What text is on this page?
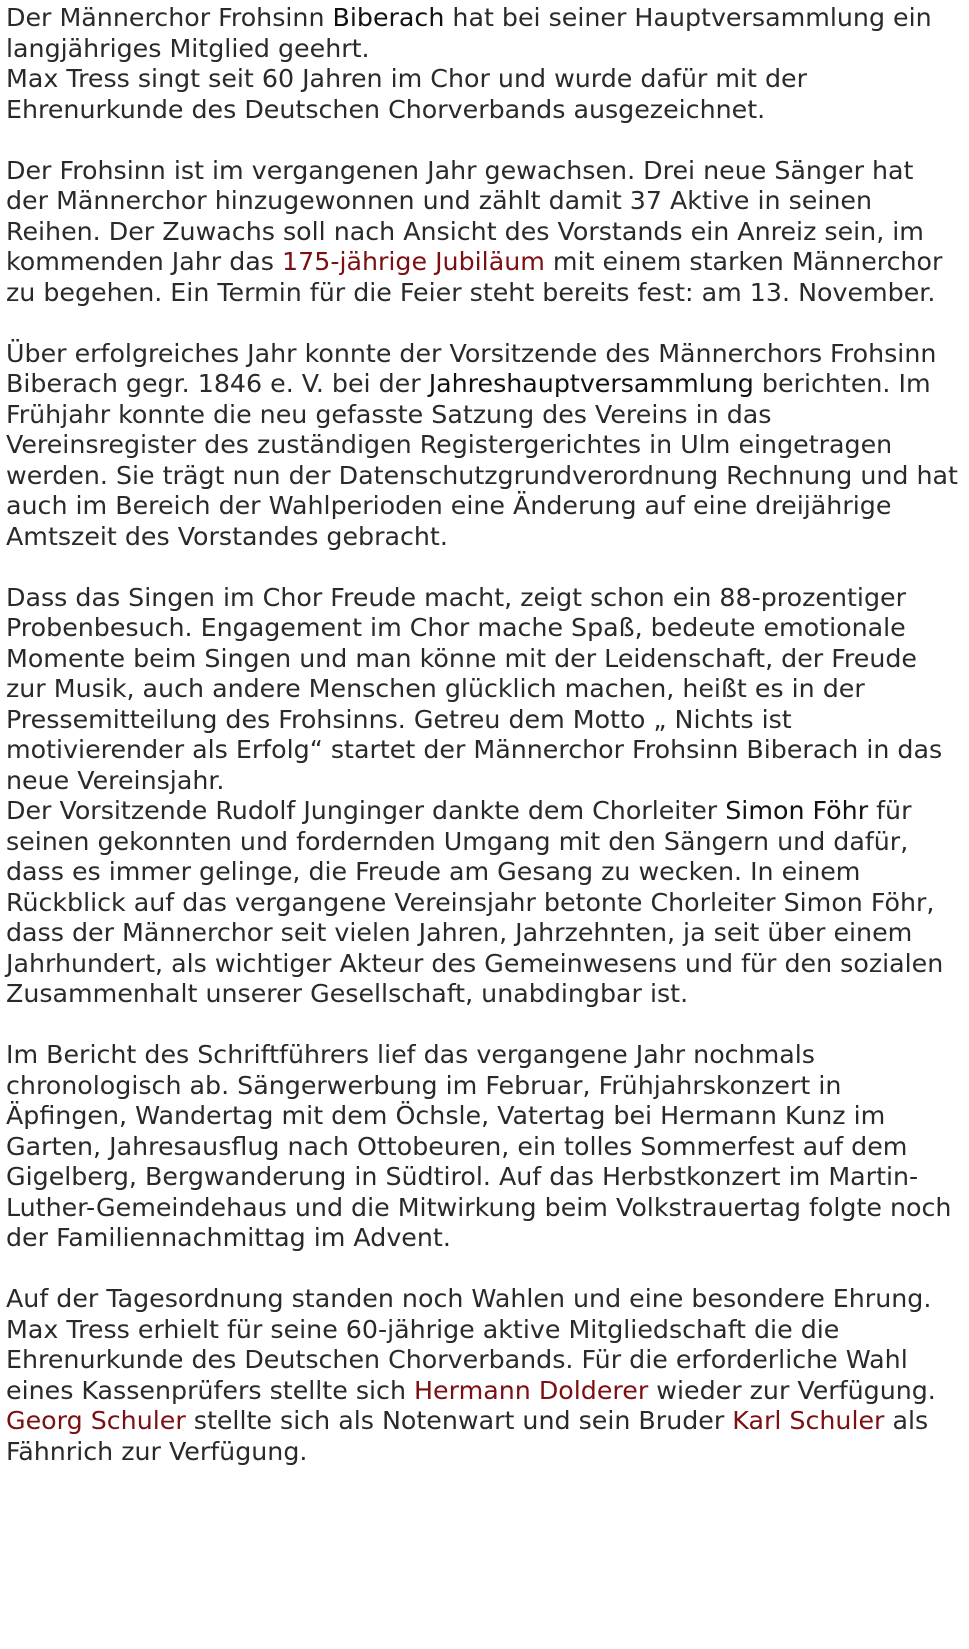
Der Männerchor Frohsinn Biberach hat bei seiner Hauptversammlung ein langjähriges Mitglied geehrt.
Max Tress singt seit 60 Jahren im Chor und wurde dafür mit der Ehrenurkunde des Deutschen Chorverbands ausgezeichnet.

Der Frohsinn ist im vergangenen Jahr gewachsen. Drei neue Sänger hat der Männerchor hinzugewonnen und zählt damit 37 Aktive in seinen Reihen. Der Zuwachs soll nach Ansicht des Vorstands ein Anreiz sein, im kommenden Jahr das 175-jährige Jubiläum mit einem starken Männerchor zu begehen. Ein Termin für die Feier steht bereits fest: am 13. November.

Über erfolgreiches Jahr konnte der Vorsitzende des Männerchors Frohsinn Biberach gegr. 1846 e. V. bei der Jahreshauptversammlung berichten. Im Frühjahr konnte die neu gefasste Satzung des Vereins in das Vereinsregister des zuständigen Registergerichtes in Ulm eingetragen werden. Sie trägt nun der Datenschutzgrundverordnung Rechnung und hat auch im Bereich der Wahlperioden eine Änderung auf eine dreijährige Amtszeit des Vorstandes gebracht.

Dass das Singen im Chor Freude macht, zeigt schon ein 88-prozentiger Probenbesuch. Engagement im Chor mache Spaß, bedeute emotionale Momente beim Singen und man könne mit der Leidenschaft, der Freude zur Musik, auch andere Menschen glücklich machen, heißt es in der Pressemitteilung des Frohsinns. Getreu dem Motto „ Nichts ist motivierender als Erfolg“ startet der Männerchor Frohsinn Biberach in das neue Vereinsjahr.

Der Vorsitzende Rudolf Junginger dankte dem Chorleiter Simon Föhr für seinen gekonnten und fordernden Umgang mit den Sängern und dafür, dass es immer gelinge, die Freude am Gesang zu wecken. In einem Rückblick auf das vergangene Vereinsjahr betonte Chorleiter Simon Föhr, dass der Männerchor seit vielen Jahren, Jahrzehnten, ja seit über einem Jahrhundert, als wichtiger Akteur des Gemeinwesens und für den sozialen Zusammenhalt unserer Gesellschaft, unabdingbar ist.

Im Bericht des Schriftführers lief das vergangene Jahr nochmals chronologisch ab. Sängerwerbung im Februar, Frühjahrskonzert in Äpfingen, Wandertag mit dem Öchsle, Vatertag bei Hermann Kunz im Garten, Jahresausflug nach Ottobeuren, ein tolles Sommerfest auf dem Gigelberg, Bergwanderung in Südtirol. Auf das Herbstkonzert im Martin-Luther-Gemeindehaus und die Mitwirkung beim Volkstrauertag folgte noch der Familiennachmittag im Advent.

Auf der Tagesordnung standen noch Wahlen und eine besondere Ehrung. Max Tress erhielt für seine 60-jährige aktive Mitgliedschaft die die Ehrenurkunde des Deutschen Chorverbands. Für die erforderliche Wahl eines Kassenprüfers stellte sich Hermann Dolderer wieder zur Verfügung. Georg Schuler stellte sich als Notenwart und sein Bruder Karl Schuler als Fähnrich zur Verfügung.
